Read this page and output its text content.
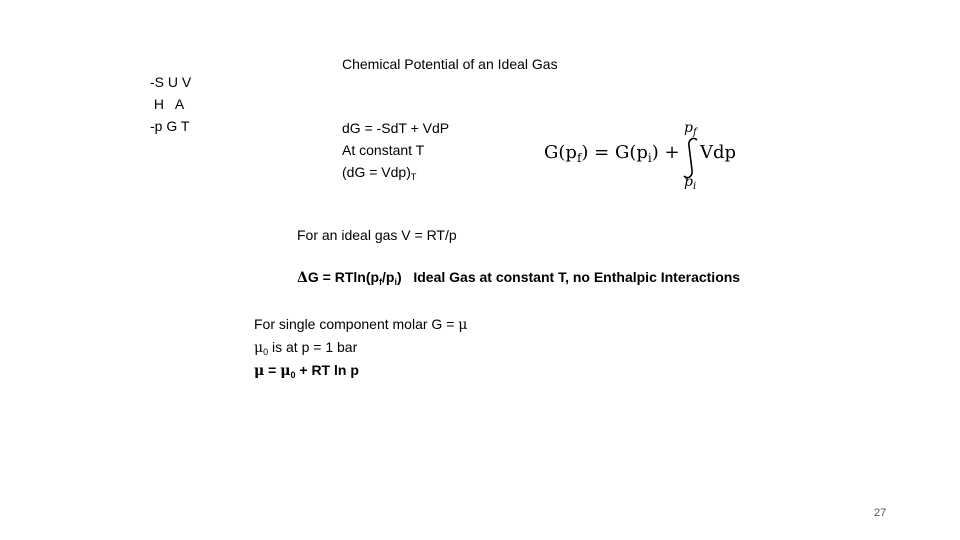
-S U V
H   A
-p G T
Chemical Potential of an Ideal Gas
dG = -SdT + VdP
At constant T
$(dG = Vdp)_T$
$G(p_f) = G(p_i)$ +
$p_f$
Vdp
$p_i$
For an ideal gas V = RT/p
$\Delta G = RTln(p_f/p_i)$ Ideal Gas at constant T, no Enthalpic Interactions
For single component molar G = μ
$\mu_0$ is at p = 1 bar
$\mu = \mu_0$ + RT ln p
27
